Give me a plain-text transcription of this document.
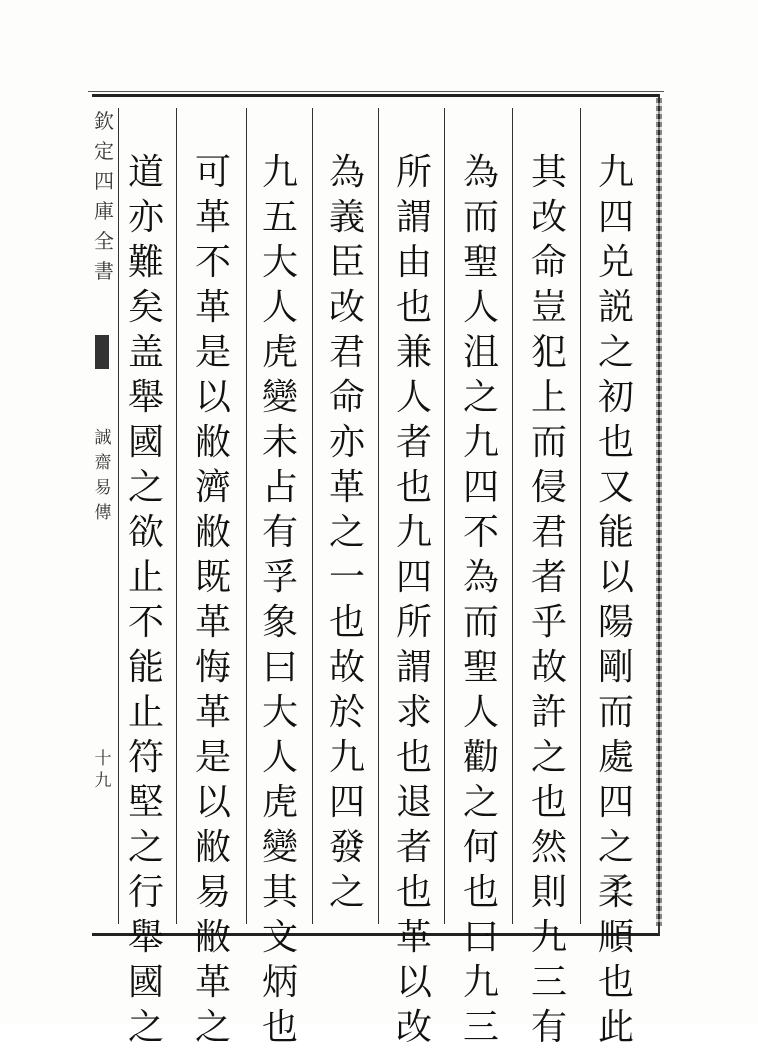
欽
定
四
庫
全
書
誠
齋
易
傳
十
九
九
四
兑
説
之
初
也
又
能
以
陽
剛
而
處
四
之
柔
順
也
此
其
改
命
豈
犯
上
而
侵
君
者
乎
故
許
之
也
然
則
九
三
有
為
而
聖
人
沮
之
九
四
不
為
而
聖
人
勸
之
何
也
曰
九
三
所
謂
由
也
兼
人
者
也
九
四
所
謂
求
也
退
者
也
革
以
改
為
義
臣
改
君
命
亦
革
之
一
也
故
於
九
四
發
之
九
五
大
人
虎
變
未
占
有
孚
象
曰
大
人
虎
變
其
文
炳
也
可
革
不
革
是
以
敝
濟
敝
既
革
悔
革
是
以
敝
易
敝
革
之
道
亦
難
矣
盖
舉
國
之
欲
止
不
能
止
符
堅
之
行
舉
國
之
